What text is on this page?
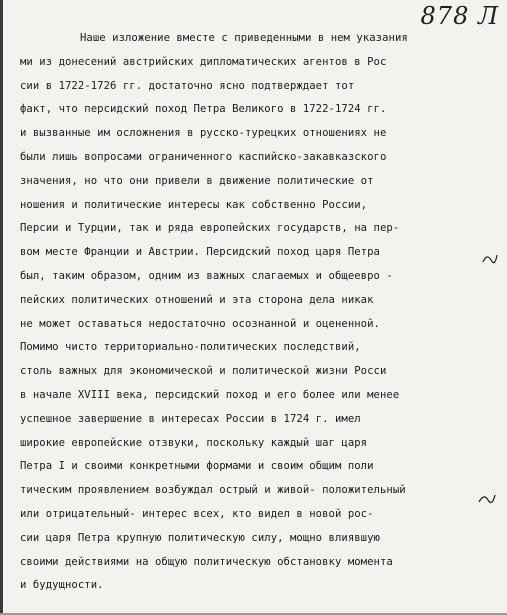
878 Л
Наше изложение вместе с приведенными в нем указания
ми из донесений австрийских дипломатических агентов в Рос
сии в 1722-1726 гг. достаточно ясно подтверждает тот
факт, что персидский поход Петра Великого в 1722-1724 гг.
и вызванные им осложнения в русско-турецких отношениях не
были лишь вопросами ограниченного каспийско-закавказского
значения, но что они привели в движение политические от
ношения и политические интересы как собственно России,
Персии и Турции, так и ряда европейских государств, на пер-
вом месте Франции и Австрии. Персидский поход царя Петра
был, таким образом, одним из важных слагаемых и общеевро -
пейских политических отношений и эта сторона дела никак
не может оставаться недостаточно осознанной и оцененной.
Помимо чисто территориально-политических последствий,
столь важных для экономической и политической жизни Росси
в начале XVIII века, персидский поход и его более или менее
успешное завершение в интересах России в 1724 г. имел
широкие европейские отзвуки, поскольку каждый шаг царя
Петра I и своими конкретными формами и своим общим поли
тическим проявлением возбуждал острый и живой- положительный
или отрицательный- интерес всех, кто видел в новой рос-
сии царя Петра крупную политическую силу, мощно влиявшую
своими действиями на общую политическую обстановку момента
и будущности.
